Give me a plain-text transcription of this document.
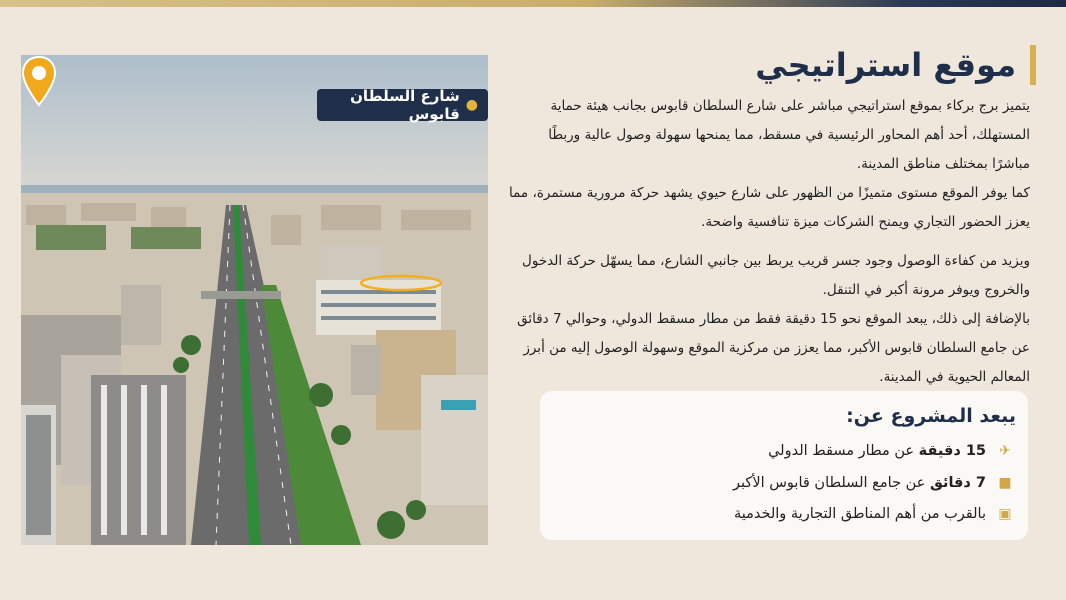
●
شارع السلطان قابوس
موقع استراتيجي

يتميز برج بركاء بموقع استراتيجي مباشر على شارع السلطان قابوس بجانب هيئة حماية المستهلك، أحد أهم المحاور الرئيسية في مسقط، مما يمنحها سهولة وصول عالية وربطًا مباشرًا بمختلف مناطق المدينة.

كما يوفر الموقع مستوى متميزًا من الظهور على شارع حيوي يشهد حركة مرورية مستمرة، مما يعزز الحضور التجاري ويمنح الشركات ميزة تنافسية واضحة.

ويزيد من كفاءة الوصول وجود جسر قريب يربط بين جانبي الشارع، مما يسهّل حركة الدخول والخروج ويوفر مرونة أكبر في التنقل.

بالإضافة إلى ذلك، يبعد الموقع نحو 15 دقيقة فقط من مطار مسقط الدولي، وحوالي 7 دقائق عن جامع السلطان قابوس الأكبر، مما يعزز من مركزية الموقع وسهولة الوصول إليه من أبرز المعالم الحيوية في المدينة.

يبعد المشروع عن:
✈
15 دقيقة عن مطار مسقط الدولي
■
7 دقائق عن جامع السلطان قابوس الأكبر
▣
بالقرب من أهم المناطق التجارية والخدمية
